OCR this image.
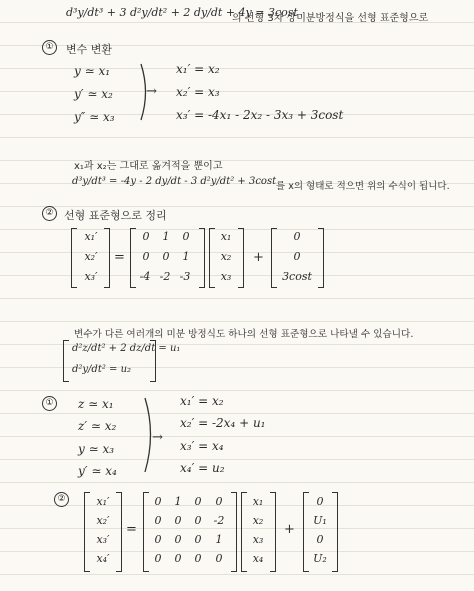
d³y/dt³ + 3 d²y/dt² + 2 dy/dt + 4y = 3cost
의 선형 3차 상미분방정식을 선형 표준형으로
①	변수 변환
y ≃ x₁
y′ ≃ x₂
y″ ≃ x₃
→
x₁′ = x₂
x₂′ = x₃
x₃′ = -4x₁ - 2x₂ - 3x₃ + 3cost
x₁과 x₂는 그대로 옮겨적을 뿐이고
d³y/dt³ = -4y - 2 dy/dt - 3 d²y/dt² + 3cost 를 x의 형태로 적으면 위의 수식이 됩니다.
② 선형 표준형으로 정리
x₁′
x₂′
x₃′
=
0	1	0
0	0	1
-4 -2 -3
x₁
x₂
x₃
+
0
0
3cost
변수가 다른 여러개의 미분 방정식도 하나의 선형 표준형으로 나타낼 수 있습니다.
d²z/dt² + 2 dz/dt = u₁
d²y/dt² = u₂
① z ≃ x₁
z′ ≃ x₂
y ≃ x₃
y′ ≃ x₄
→
x₁′ = x₂
x₂′ = -2x₄ + u₁
x₃′ = x₄
x₄′ = u₂
②	x₁′
x₂′
x₃′
x₄′
=
0	1	0	0
0	0	0	-2
0	0	0	1
0	0	0	0
x₁
x₂
x₃
x₄
+
0
U₁
0
U₂
